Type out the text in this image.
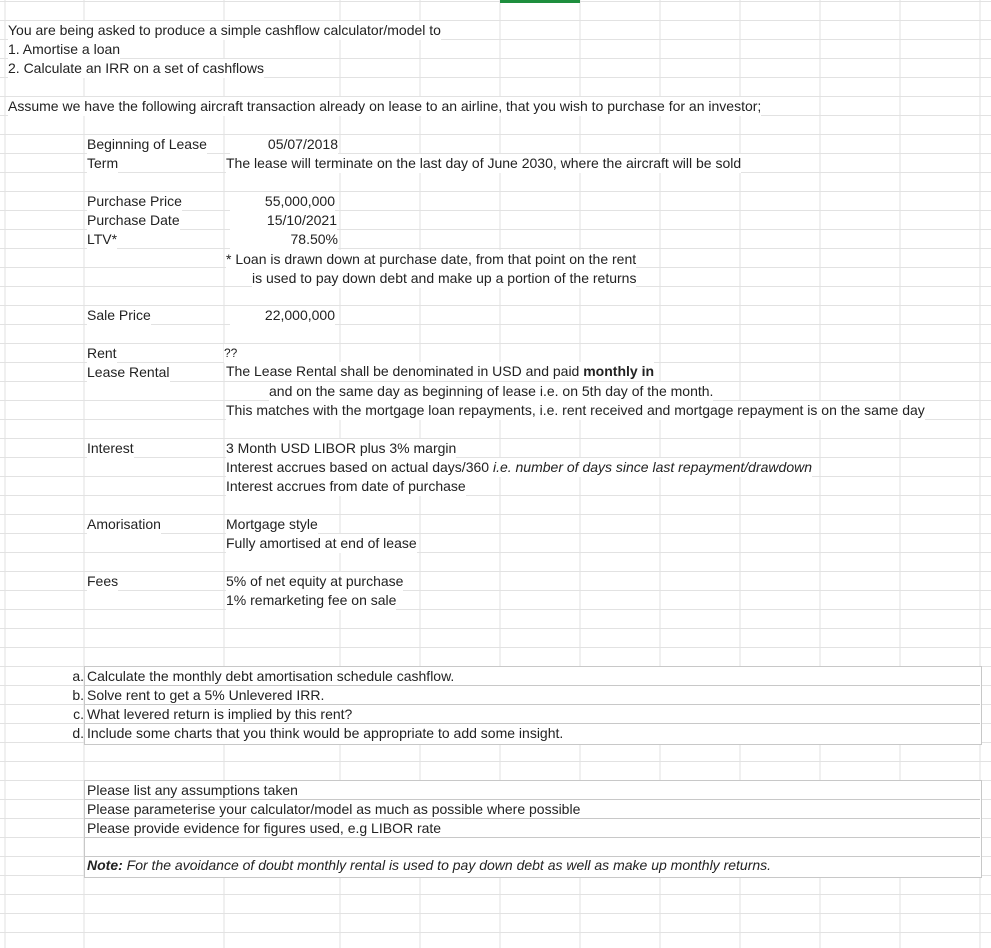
You are being asked to produce a simple cashflow calculator/model to
1. Amortise a loan
2. Calculate an IRR on a set of cashflows
Assume we have the following aircraft transaction already on lease to an airline, that you wish to purchase for an investor;
Beginning of Lease	05/07/2018
Term	The lease will terminate on the last day of June 2030, where the aircraft will be sold
Purchase Price	55,000,000
Purchase Date	15/10/2021
LTV*	78.50%
* Loan is drawn down at purchase date, from that point on the rent
is used to pay down debt and make up a portion of the returns
Sale Price	22,000,000
Rent	??
Lease Rental	The Lease Rental shall be denominated in USD and paid monthly in
and on the same day as beginning of lease i.e. on 5th day of the month.
This matches with the mortgage loan repayments, i.e. rent received and mortgage repayment is on the same day
Interest	3 Month USD LIBOR plus 3% margin
Interest accrues based on actual days/360 i.e. number of days since last repayment/drawdown
Interest accrues from date of purchase
Amorisation	Mortgage style
Fully amortised at end of lease
Fees	5% of net equity at purchase
1% remarketing fee on sale
a. Calculate the monthly debt amortisation schedule cashflow.
b. Solve rent to get a 5% Unlevered IRR.
c. What levered return is implied by this rent?
d. Include some charts that you think would be appropriate to add some insight.
Please list any assumptions taken
Please parameterise your calculator/model as much as possible where possible
Please provide evidence for figures used, e.g LIBOR rate
Note: For the avoidance of doubt monthly rental is used to pay down debt as well as make up monthly returns.
